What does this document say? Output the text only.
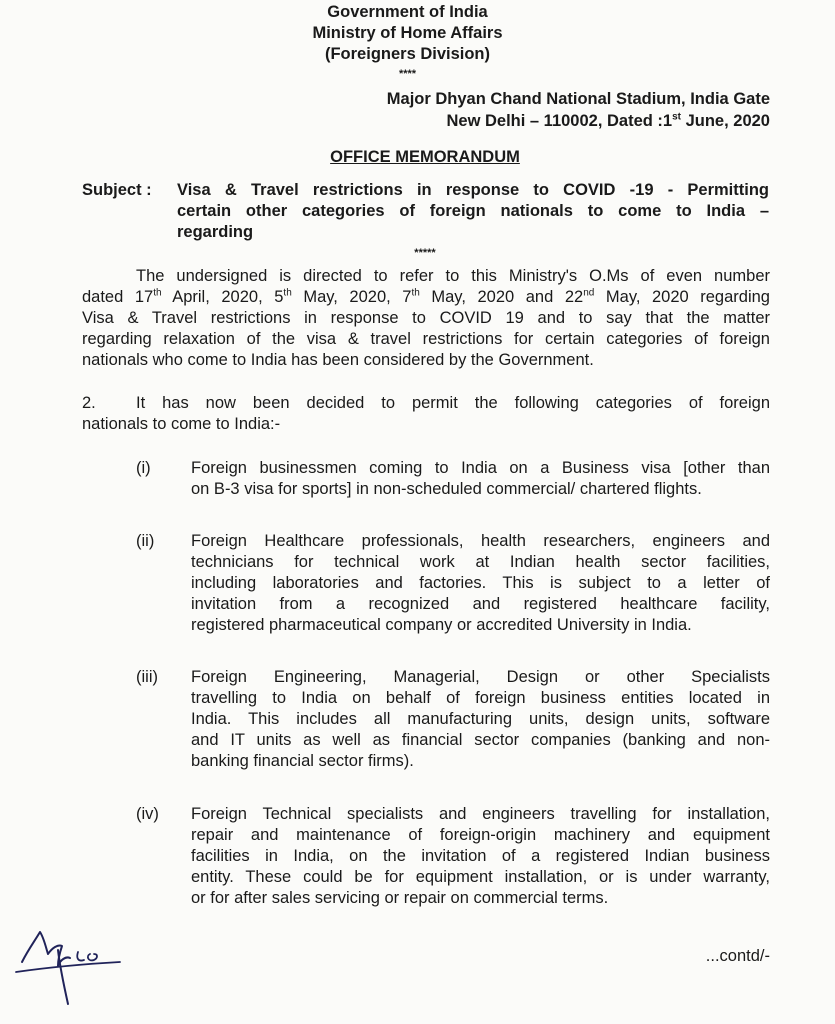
Government of India
Ministry of Home Affairs
(Foreigners Division)
****
Major Dhyan Chand National Stadium, India Gate
New Delhi – 110002, Dated :1st June, 2020
OFFICE MEMORANDUM
Subject : Visa & Travel restrictions in response to COVID -19 - Permitting
certain other categories of foreign nationals to come to India –
regarding
*****
The undersigned is directed to refer to this Ministry's O.Ms of even number
dated 17th April, 2020, 5th May, 2020, 7th May, 2020 and 22nd May, 2020 regarding
Visa & Travel restrictions in response to COVID 19 and to say that the matter
regarding relaxation of the visa & travel restrictions for certain categories of foreign
nationals who come to India has been considered by the Government.
2. It has now been decided to permit the following categories of foreign
nationals to come to India:-
(i) Foreign businessmen coming to India on a Business visa [other than
on B-3 visa for sports] in non-scheduled commercial/ chartered flights.
(ii) Foreign Healthcare professionals, health researchers, engineers and
technicians for technical work at Indian health sector facilities,
including laboratories and factories. This is subject to a letter of
invitation from a recognized and registered healthcare facility,
registered pharmaceutical company or accredited University in India.
(iii) Foreign Engineering, Managerial, Design or other Specialists
travelling to India on behalf of foreign business entities located in
India. This includes all manufacturing units, design units, software
and IT units as well as financial sector companies (banking and non-
banking financial sector firms).
(iv) Foreign Technical specialists and engineers travelling for installation,
repair and maintenance of foreign-origin machinery and equipment
facilities in India, on the invitation of a registered Indian business
entity. These could be for equipment installation, or is under warranty,
or for after sales servicing or repair on commercial terms.
...contd/-
